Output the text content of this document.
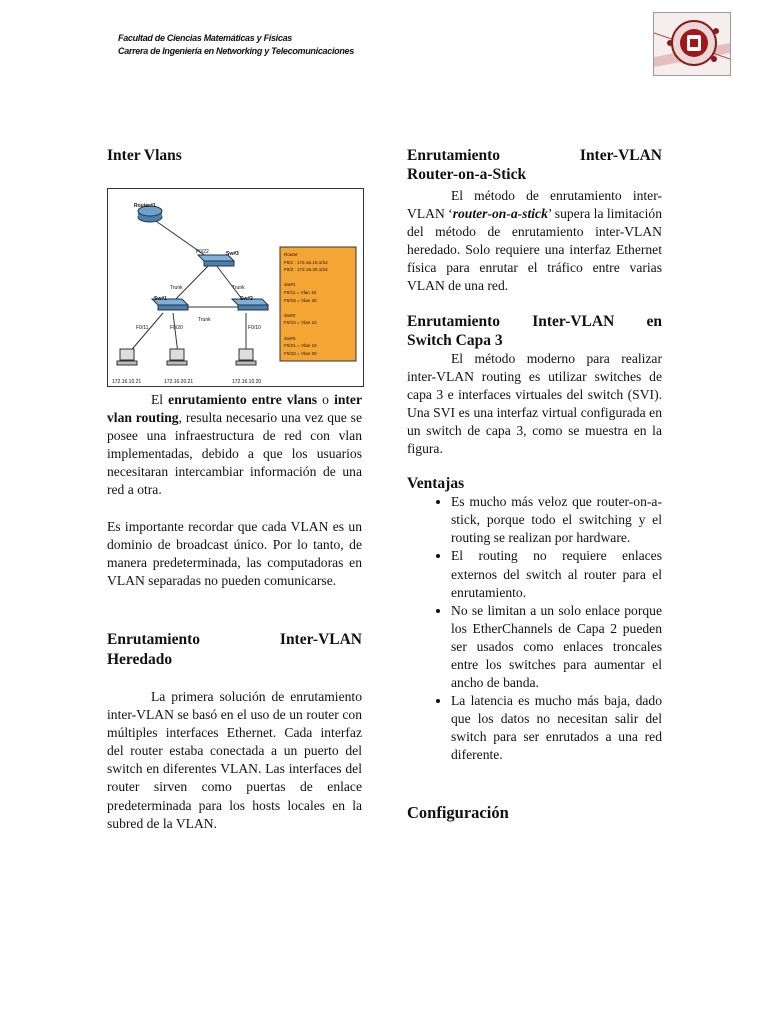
Facultad de Ciencias Matemáticas y Físicas
Carrera de Ingeniería en Networking y Telecomunicaciones
Inter Vlans
Router#1
Sw#3
Sw#1	Sw#2
F0/22
Trunk	Trunk
Trunk
F0/11	F0/20	F0/10
172.16.10.21	172.16.20.21	172.16.10.20
Router
F0/1 : 172.16.10.1/24
F0/2 : 172.16.20.1/24

Sw#1
F0/11 = Vlan 10
F0/15 = Vlan 20

Sw#2
F0/10 = Vlan 10

Sw#3
F0/21 = Vlan 10
F0/22 = Vlan 20

El enrutamiento entre vlans o inter vlan routing, resulta necesario una vez que se posee una infraestructura de red con vlan implementadas, debido a que los usuarios necesitaran intercambiar información de una red a otra.

Es importante recordar que cada VLAN es un dominio de broadcast único. Por lo tanto, de manera predeterminada, las computadoras en VLAN separadas no pueden comunicarse.

Enrutamiento	Inter-VLAN
Heredado

La primera solución de enrutamiento inter-VLAN se basó en el uso de un router con múltiples interfaces Ethernet. Cada interfaz del router estaba conectada a un puerto del switch en diferentes VLAN. Las interfaces del router sirven como puertas de enlace predeterminada para los hosts locales en la subred de la VLAN.

Enrutamiento	Inter-VLAN
Router-on-a-Stick

El método de enrutamiento inter-VLAN ‘router-on-a-stick’ supera la limitación del método de enrutamiento inter-VLAN heredado. Solo requiere una interfaz Ethernet física para enrutar el tráfico entre varias VLAN de una red.

Enrutamiento Inter-VLAN en
Switch Capa 3

El método moderno para realizar inter-VLAN routing es utilizar switches de capa 3 e interfaces virtuales del switch (SVI). Una SVI es una interfaz virtual configurada en un switch de capa 3, como se muestra en la figura.

Ventajas
• Es mucho más veloz que router-on-a-stick, porque todo el switching y el routing se realizan por hardware.
• El routing no requiere enlaces externos del switch al router para el enrutamiento.
• No se limitan a un solo enlace porque los EtherChannels de Capa 2 pueden ser usados como enlaces troncales entre los switches para aumentar el ancho de banda.
• La latencia es mucho más baja, dado que los datos no necesitan salir del switch para ser enrutados a una red diferente.
Configuración
